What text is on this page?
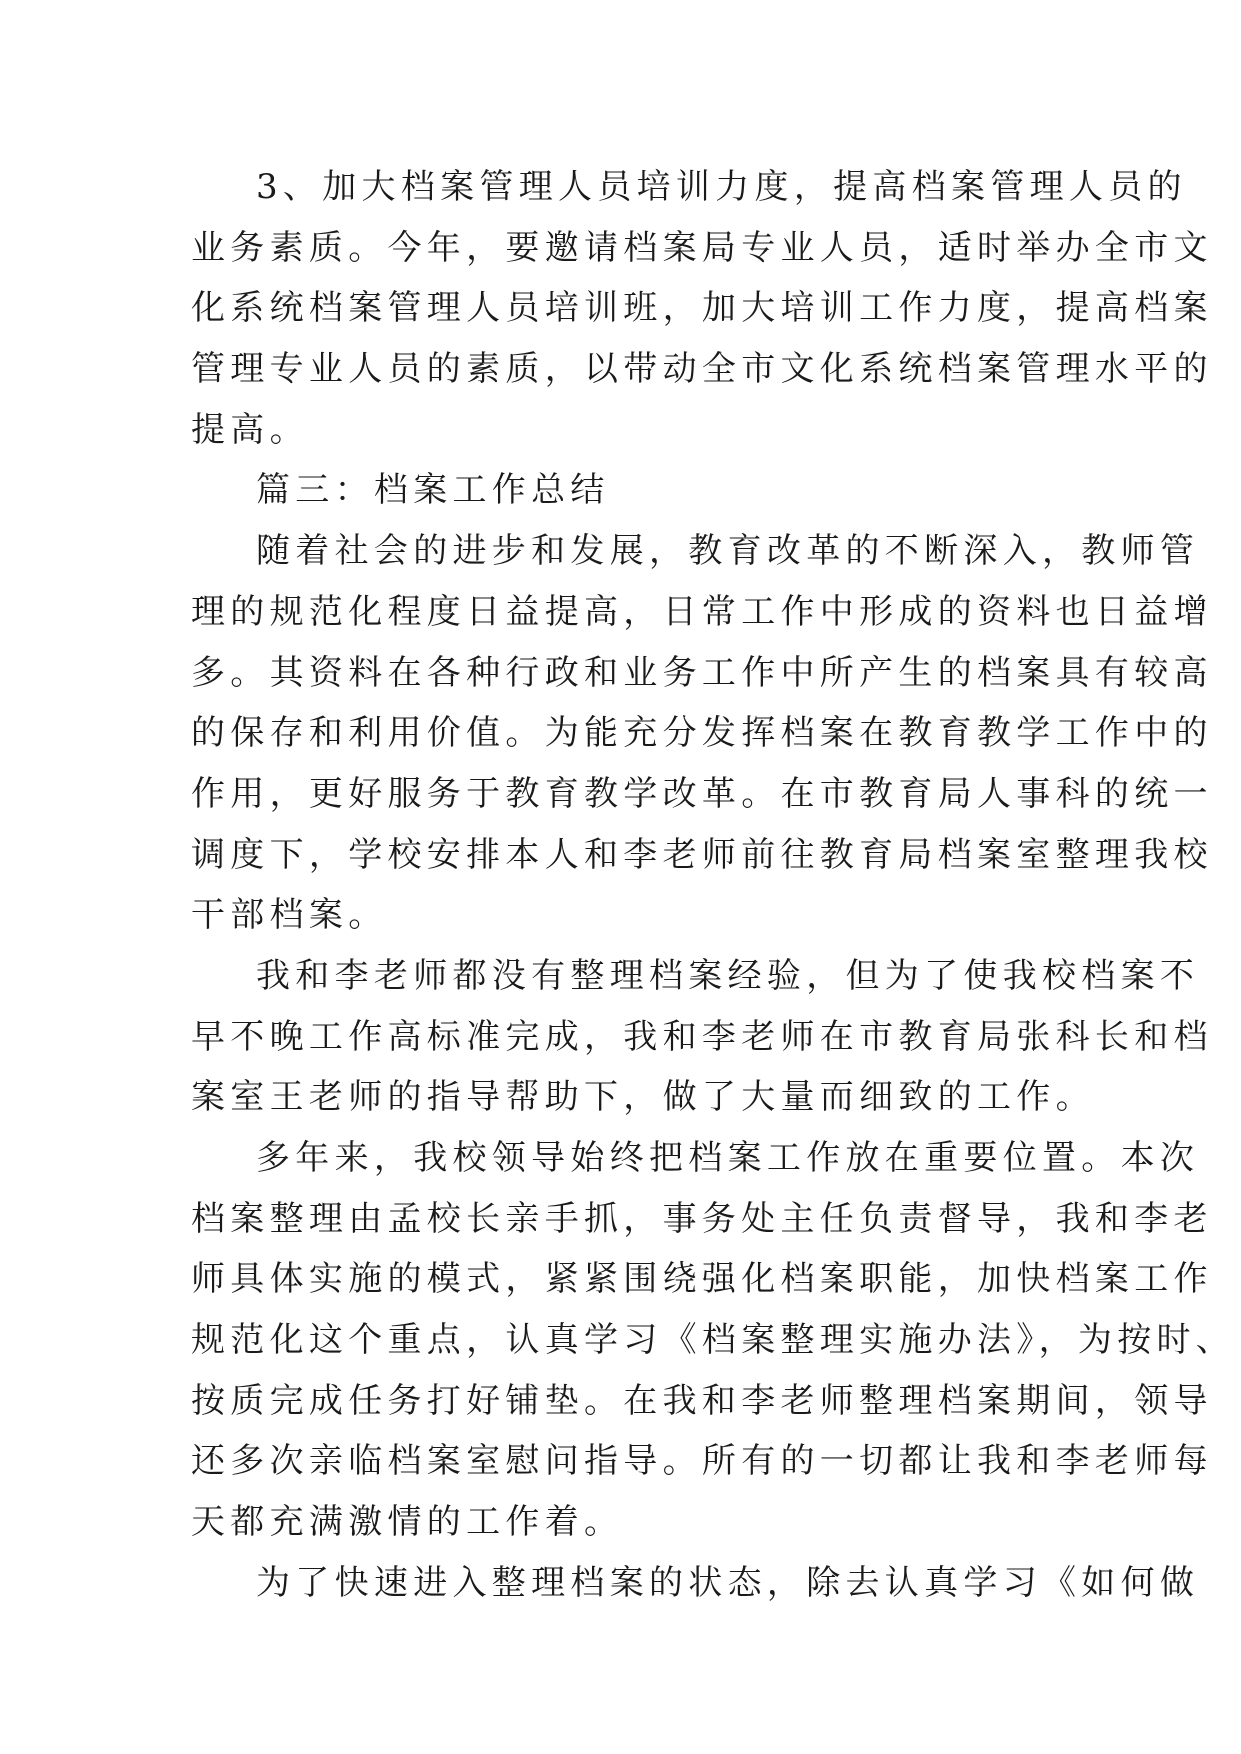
3、加大档案管理人员培训力度，提高档案管理人员的
业务素质。今年，要邀请档案局专业人员，适时举办全市文
化系统档案管理人员培训班，加大培训工作力度，提高档案
管理专业人员的素质，以带动全市文化系统档案管理水平的
提高。
篇三：档案工作总结
随着社会的进步和发展，教育改革的不断深入，教师管
理的规范化程度日益提高，日常工作中形成的资料也日益增
多。其资料在各种行政和业务工作中所产生的档案具有较高
的保存和利用价值。为能充分发挥档案在教育教学工作中的
作用，更好服务于教育教学改革。在市教育局人事科的统一
调度下，学校安排本人和李老师前往教育局档案室整理我校
干部档案。
我和李老师都没有整理档案经验，但为了使我校档案不
早不晚工作高标准完成，我和李老师在市教育局张科长和档
案室王老师的指导帮助下，做了大量而细致的工作。
多年来，我校领导始终把档案工作放在重要位置。本次
档案整理由孟校长亲手抓，事务处主任负责督导，我和李老
师具体实施的模式，紧紧围绕强化档案职能，加快档案工作
规范化这个重点，认真学习《档案整理实施办法》，为按时、
按质完成任务打好铺垫。在我和李老师整理档案期间，领导
还多次亲临档案室慰问指导。所有的一切都让我和李老师每
天都充满激情的工作着。
为了快速进入整理档案的状态，除去认真学习《如何做
